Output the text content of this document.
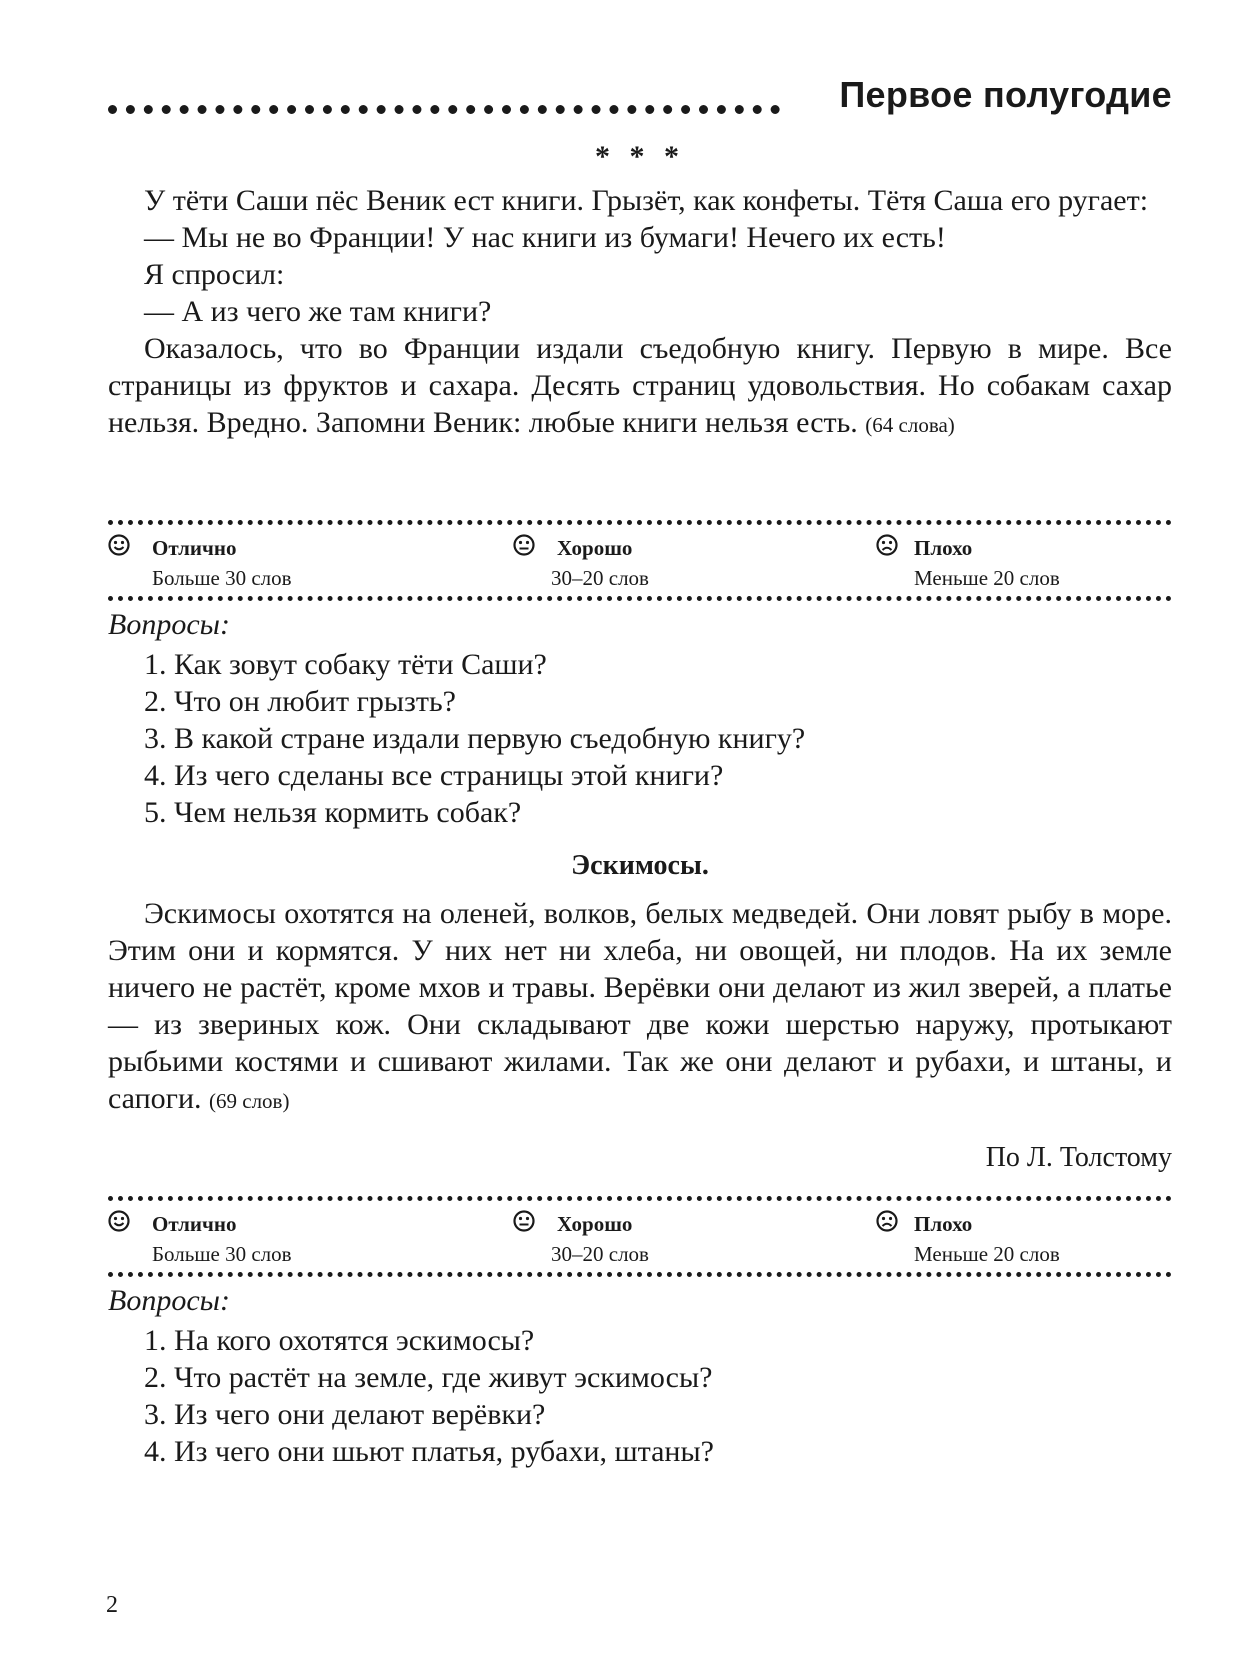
Первое полугодие
* * *

У тёти Саши пёс Веник ест книги. Грызёт, как конфеты. Тётя Саша его ругает:

— Мы не во Франции! У нас книги из бумаги! Нечего их есть!

Я спросил:

— А из чего же там книги?

Оказалось, что во Франции издали съедобную книгу. Первую в мире. Все страницы из фруктов и сахара. Десять страниц удовольствия. Но собакам сахар нельзя. Вредно. Запомни Веник: любые книги нельзя есть. (64 слова)

Отлично
Больше 30 слов
Хорошо
30–20 слов
Плохо
Меньше 20 слов
Вопросы:
1. Как зовут собаку тёти Саши?
2. Что он любит грызть?
3. В какой стране издали первую съедобную книгу?
4. Из чего сделаны все страницы этой книги?
5. Чем нельзя кормить собак?
Эскимосы.

Эскимосы охотятся на оленей, волков, белых медведей. Они ловят рыбу в море. Этим они и кормятся. У них нет ни хлеба, ни овощей, ни плодов. На их земле ничего не растёт, кроме мхов и травы. Верёвки они делают из жил зверей, а платье — из звериных кож. Они складывают две кожи шерстью наружу, протыкают рыбьими костями и сшивают жилами. Так же они делают и рубахи, и штаны, и сапоги. (69 слов)

По Л. Толстому
Отлично
Больше 30 слов
Хорошо
30–20 слов
Плохо
Меньше 20 слов
Вопросы:
1. На кого охотятся эскимосы?
2. Что растёт на земле, где живут эскимосы?
3. Из чего они делают верёвки?
4. Из чего они шьют платья, рубахи, штаны?
2
